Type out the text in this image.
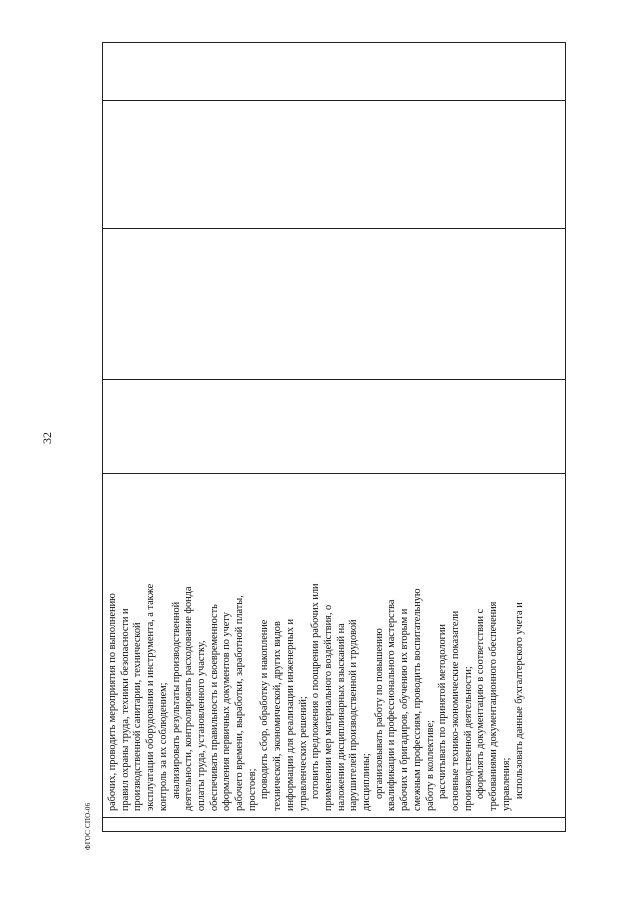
32
ФГОС СПО-06

рабочих, проводить мероприятия по выполнению правил охраны труда, техники безопасности и производственной санитарии, технической эксплуатации оборудования и инструмента, а также контроль за их соблюдением; анализировать результаты производственной деятельности, контролировать расходование фонда оплаты труда, установленного участку, обеспечивать правильность и своевременность оформления первичных документов по учету рабочего времени, выработки, заработной платы, простоев; проводить сбор, обработку и накопление технической, экономической, других видов информации для реализации инженерных и управленческих решений; готовить предложения о поощрении рабочих или применении мер материального воздействия, о наложении дисциплинарных взысканий на нарушителей производственной и трудовой дисциплины; организовывать работу по повышению квалификации и профессионального мастерства рабочих и бригадиров, обучению их вторым и смежным профессиям, проводить воспитательную работу в коллективе; рассчитывать по принятой методологии основные технико-экономические показатели производственной деятельности; оформлять документацию в соответствии с требованиями документационного обеспечения управления; использовать данные бухгалтерского учета и
